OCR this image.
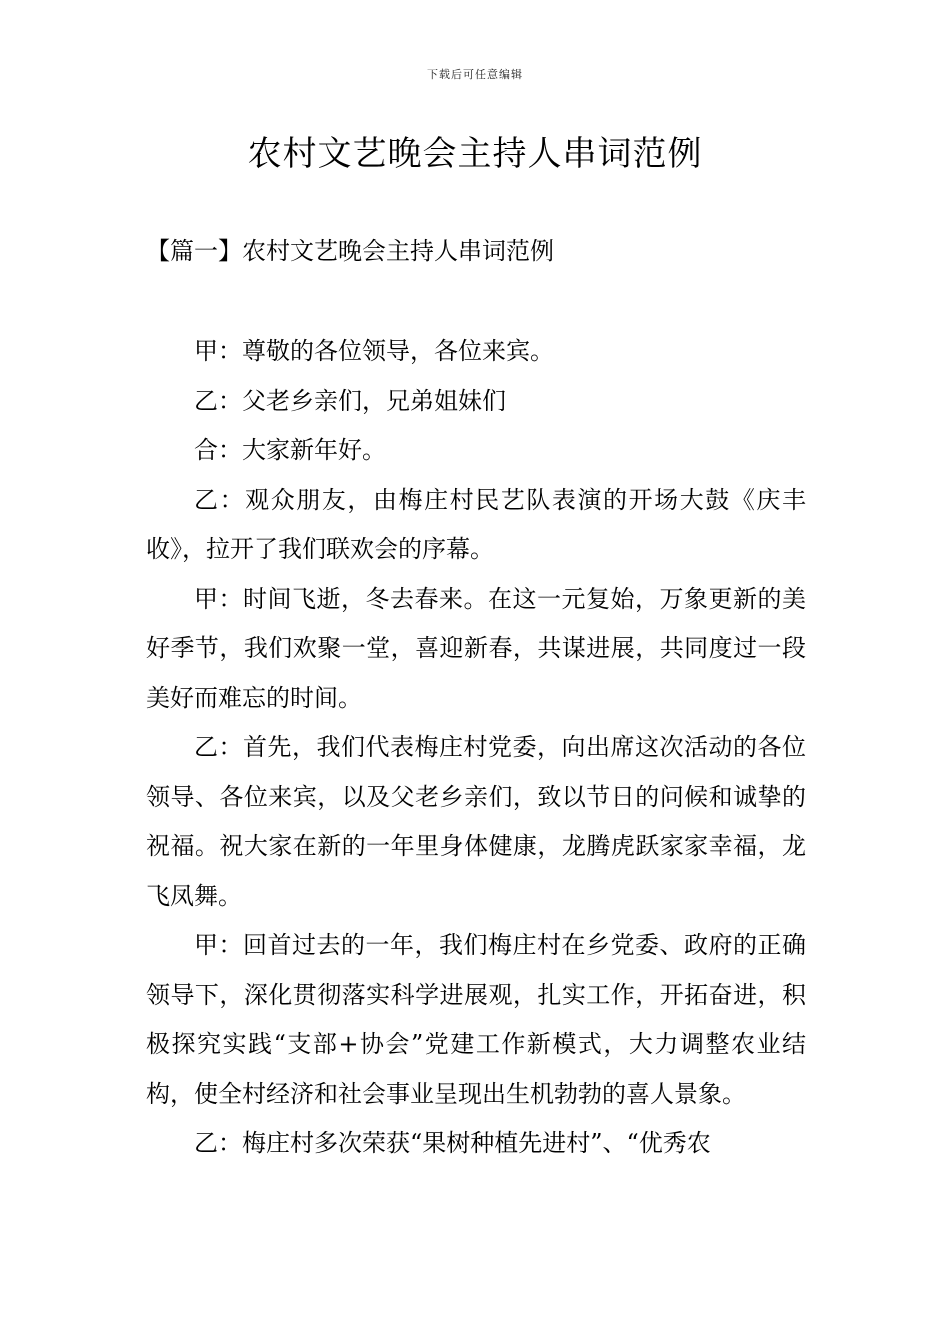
下载后可任意编辑
农村文艺晚会主持人串词范例
【篇一】农村文艺晚会主持人串词范例

甲：尊敬的各位领导，各位来宾。

乙：父老乡亲们，兄弟姐妹们

合：大家新年好。

乙：观众朋友，由梅庄村民艺队表演的开场大鼓《庆丰收》，拉开了我们联欢会的序幕。

甲：时间飞逝，冬去春来。在这一元复始，万象更新的美好季节，我们欢聚一堂，喜迎新春，共谋进展，共同度过一段美好而难忘的时间。

乙：首先，我们代表梅庄村党委，向出席这次活动的各位领导、各位来宾，以及父老乡亲们，致以节日的问候和诚挚的祝福。祝大家在新的一年里身体健康，龙腾虎跃家家幸福，龙飞凤舞。

甲：回首过去的一年，我们梅庄村在乡党委、政府的正确领导下，深化贯彻落实科学进展观，扎实工作，开拓奋进，积极探究实践“支部+协会”党建工作新模式，大力调整农业结构，使全村经济和社会事业呈现出生机勃勃的喜人景象。

乙：梅庄村多次荣获“果树种植先进村”、“优秀农
